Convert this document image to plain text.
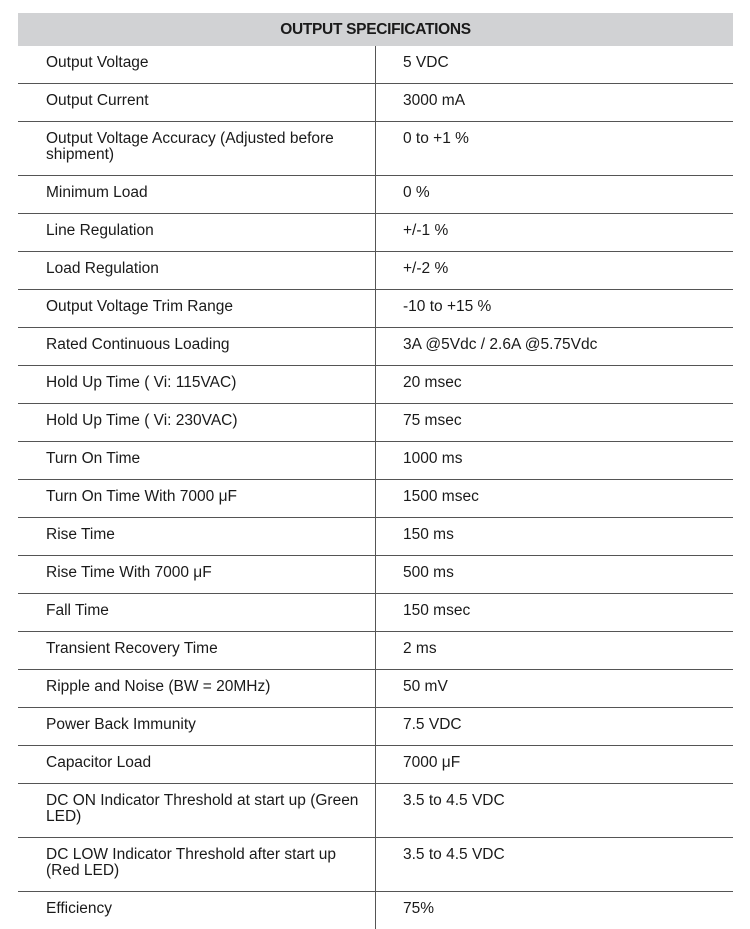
OUTPUT SPECIFICATIONS	
Output Voltage	5 VDC
Output Current	3000 mA
Output Voltage Accuracy (Adjusted before shipment)	0 to +1 %
Minimum Load	0 %
Line Regulation	+/-1 %
Load Regulation	+/-2 %
Output Voltage Trim Range	-10 to +15 %
Rated Continuous Loading	3A @5Vdc / 2.6A @5.75Vdc
Hold Up Time ( Vi: 115VAC)	20 msec
Hold Up Time ( Vi: 230VAC)	75 msec
Turn On Time	1000 ms
Turn On Time With 7000 μF	1500 msec
Rise Time	150 ms
Rise Time With 7000 μF	500 ms
Fall Time	150 msec
Transient Recovery Time	2 ms
Ripple and Noise (BW = 20MHz)	50 mV
Power Back Immunity	7.5 VDC
Capacitor Load	7000 μF
DC ON Indicator Threshold at start up (Green LED)	3.5 to 4.5 VDC
DC LOW Indicator Threshold after start up (Red LED)	3.5 to 4.5 VDC
Efficiency	75%
